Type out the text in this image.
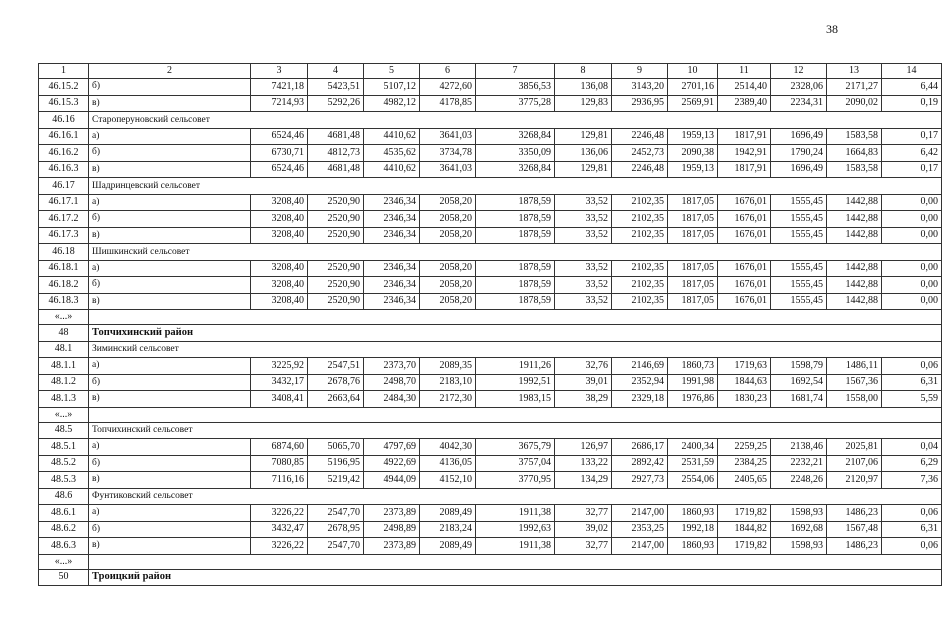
38
1	2	3	4	5	6	7	8	9	10	11	12	13	14
46.15.2	б)	7421,18	5423,51	5107,12	4272,60	3856,53	136,08	3143,20	2701,16	2514,40	2328,06	2171,27	6,44
46.15.3	в)	7214,93	5292,26	4982,12	4178,85	3775,28	129,83	2936,95	2569,91	2389,40	2234,31	2090,02	0,19
46.16	Староперуновский сельсовет												
46.16.1	а)	6524,46	4681,48	4410,62	3641,03	3268,84	129,81	2246,48	1959,13	1817,91	1696,49	1583,58	0,17
46.16.2	б)	6730,71	4812,73	4535,62	3734,78	3350,09	136,06	2452,73	2090,38	1942,91	1790,24	1664,83	6,42
46.16.3	в)	6524,46	4681,48	4410,62	3641,03	3268,84	129,81	2246,48	1959,13	1817,91	1696,49	1583,58	0,17
46.17	Шадринцевский сельсовет												
46.17.1	а)	3208,40	2520,90	2346,34	2058,20	1878,59	33,52	2102,35	1817,05	1676,01	1555,45	1442,88	0,00
46.17.2	б)	3208,40	2520,90	2346,34	2058,20	1878,59	33,52	2102,35	1817,05	1676,01	1555,45	1442,88	0,00
46.17.3	в)	3208,40	2520,90	2346,34	2058,20	1878,59	33,52	2102,35	1817,05	1676,01	1555,45	1442,88	0,00
46.18	Шишкинский сельсовет												
46.18.1	а)	3208,40	2520,90	2346,34	2058,20	1878,59	33,52	2102,35	1817,05	1676,01	1555,45	1442,88	0,00
46.18.2	б)	3208,40	2520,90	2346,34	2058,20	1878,59	33,52	2102,35	1817,05	1676,01	1555,45	1442,88	0,00
46.18.3	в)	3208,40	2520,90	2346,34	2058,20	1878,59	33,52	2102,35	1817,05	1676,01	1555,45	1442,88	0,00
«...»													
48	Топчихинский район												
48.1	Зиминский сельсовет												
48.1.1	а)	3225,92	2547,51	2373,70	2089,35	1911,26	32,76	2146,69	1860,73	1719,63	1598,79	1486,11	0,06
48.1.2	б)	3432,17	2678,76	2498,70	2183,10	1992,51	39,01	2352,94	1991,98	1844,63	1692,54	1567,36	6,31
48.1.3	в)	3408,41	2663,64	2484,30	2172,30	1983,15	38,29	2329,18	1976,86	1830,23	1681,74	1558,00	5,59
«...»													
48.5	Топчихинский сельсовет												
48.5.1	а)	6874,60	5065,70	4797,69	4042,30	3675,79	126,97	2686,17	2400,34	2259,25	2138,46	2025,81	0,04
48.5.2	б)	7080,85	5196,95	4922,69	4136,05	3757,04	133,22	2892,42	2531,59	2384,25	2232,21	2107,06	6,29
48.5.3	в)	7116,16	5219,42	4944,09	4152,10	3770,95	134,29	2927,73	2554,06	2405,65	2248,26	2120,97	7,36
48.6	Фунтиковский сельсовет												
48.6.1	а)	3226,22	2547,70	2373,89	2089,49	1911,38	32,77	2147,00	1860,93	1719,82	1598,93	1486,23	0,06
48.6.2	б)	3432,47	2678,95	2498,89	2183,24	1992,63	39,02	2353,25	1992,18	1844,82	1692,68	1567,48	6,31
48.6.3	в)	3226,22	2547,70	2373,89	2089,49	1911,38	32,77	2147,00	1860,93	1719,82	1598,93	1486,23	0,06
«...»													
50	Троицкий район												
